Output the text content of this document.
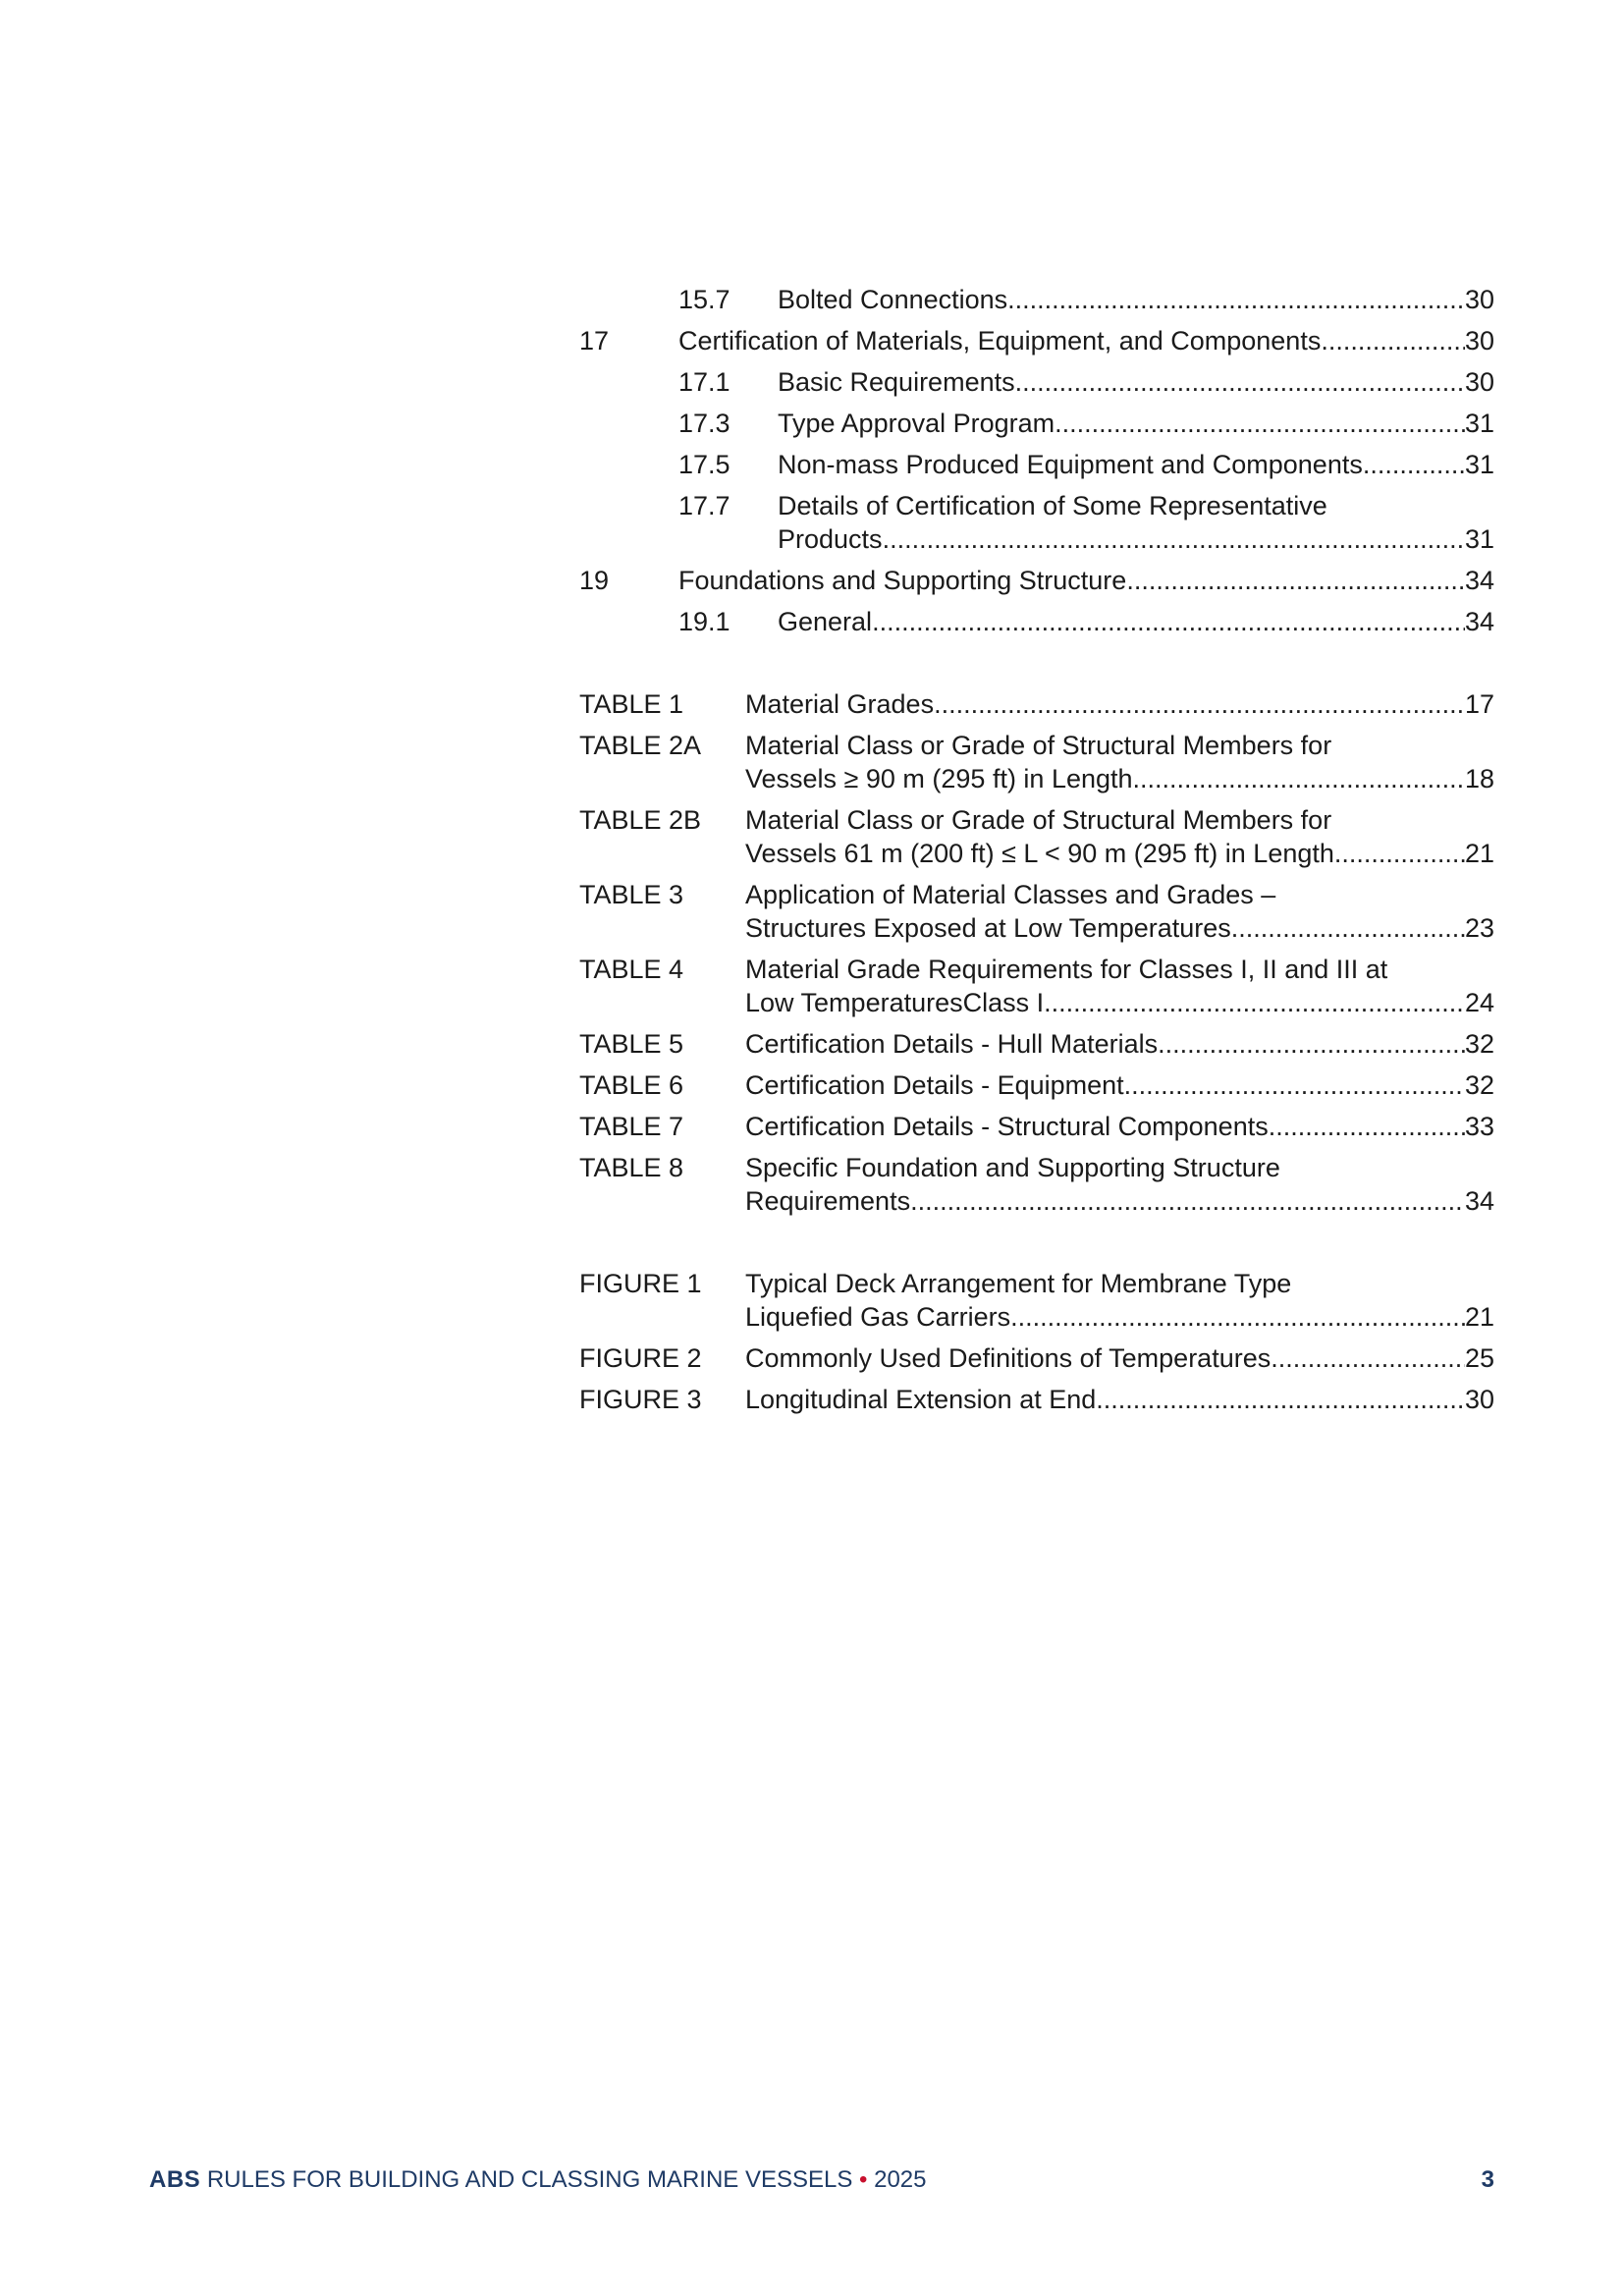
15.7 Bolted Connections .....	30
17	Certification of Materials, Equipment, and Components .....	30
17.1 Basic Requirements .....	30
17.3 Type Approval Program .....	31
17.5 Non-mass Produced Equipment and Components .....	31
17.7 Details of Certification of Some Representative
Products .....	31
19	Foundations and Supporting Structure .....	34
19.1 General .....	34
TABLE 1 Material Grades .....	17
TABLE 2A Material Class or Grade of Structural Members for
Vessels ≥ 90 m (295 ft) in Length .....	18
TABLE 2B Material Class or Grade of Structural Members for
Vessels 61 m (200 ft) ≤ L < 90 m (295 ft) in Length .....	21
TABLE 3 Application of Material Classes and Grades –
Structures Exposed at Low Temperatures .....	23
TABLE 4 Material Grade Requirements for Classes I, II and III at
Low TemperaturesClass I .....	24
TABLE 5 Certification Details - Hull Materials .....	32
TABLE 6 Certification Details - Equipment .....	32
TABLE 7 Certification Details - Structural Components .....	33
TABLE 8 Specific Foundation and Supporting Structure
Requirements .....	34
FIGURE 1 Typical Deck Arrangement for Membrane Type
Liquefied Gas Carriers .....	21
FIGURE 2 Commonly Used Definitions of Temperatures .....	25
FIGURE 3 Longitudinal Extension at End .....	30
ABS RULES FOR BUILDING AND CLASSING MARINE VESSELS • 2025	3
